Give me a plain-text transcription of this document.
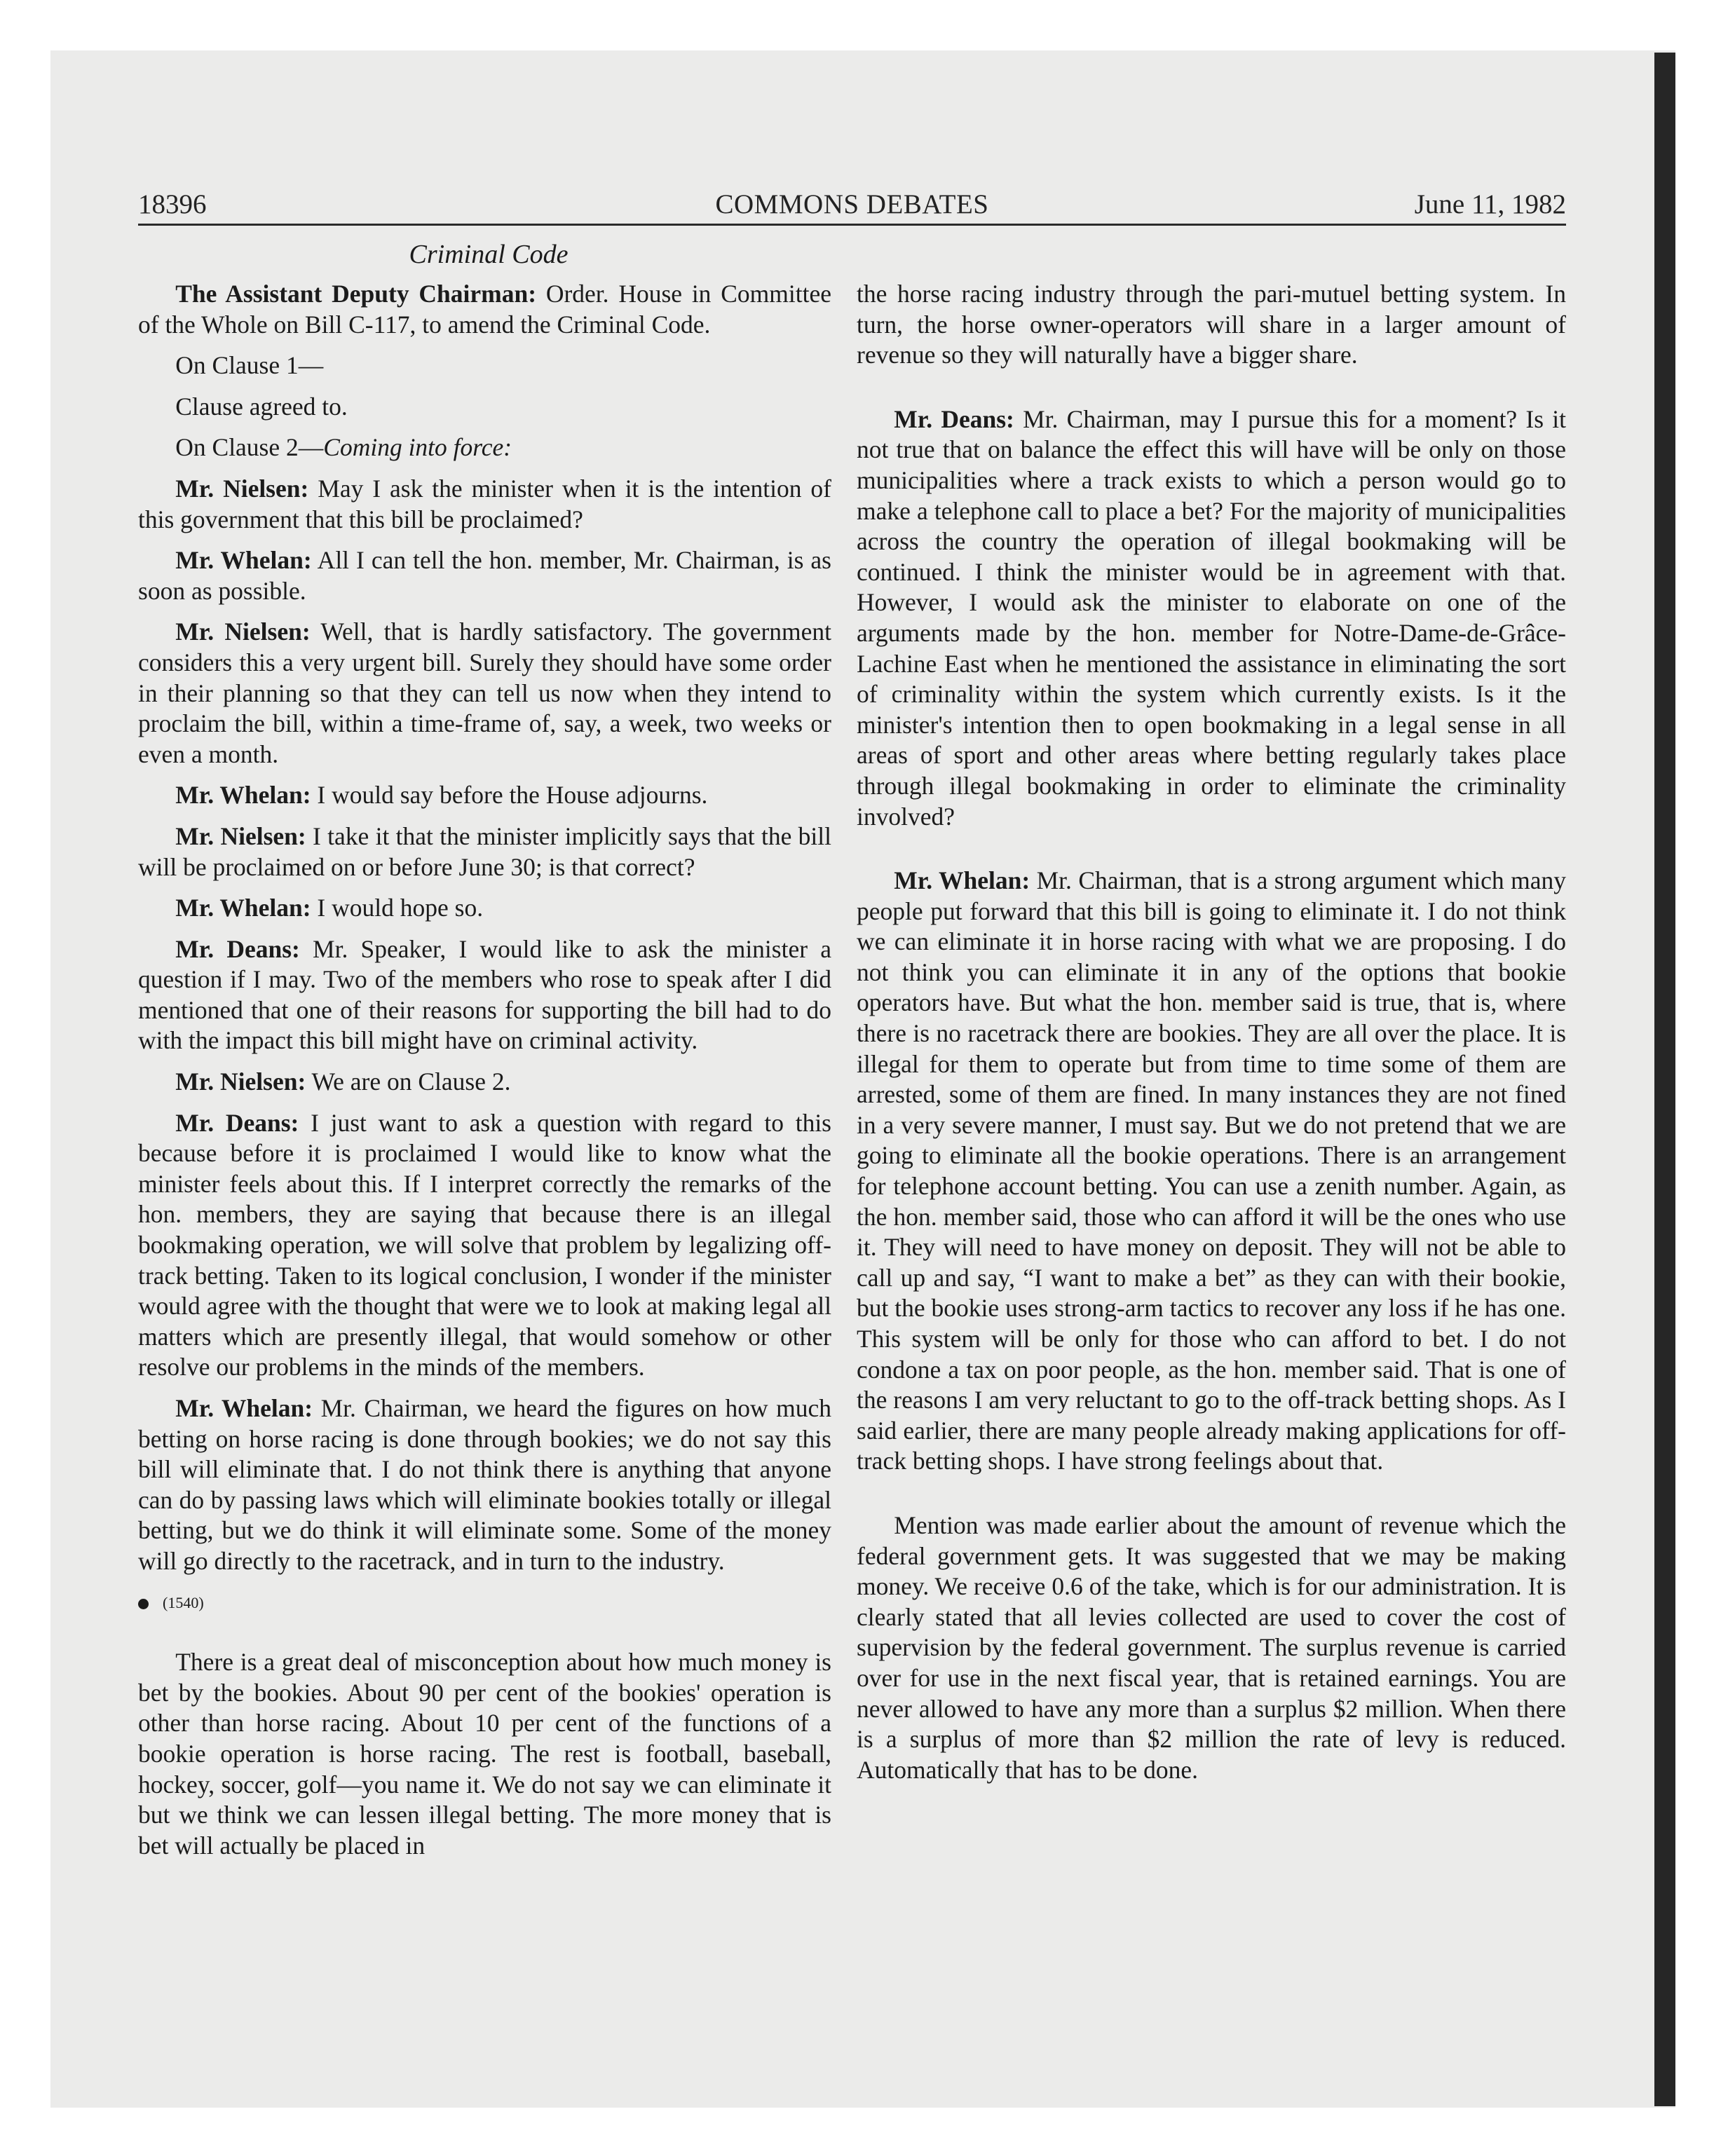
18396	COMMONS DEBATES	June 11, 1982
Criminal Code

The Assistant Deputy Chairman: Order. House in Committee of the Whole on Bill C-117, to amend the Criminal Code.

On Clause 1—

Clause agreed to.

On Clause 2—Coming into force:

Mr. Nielsen: May I ask the minister when it is the intention of this government that this bill be proclaimed?

Mr. Whelan: All I can tell the hon. member, Mr. Chairman, is as soon as possible.

Mr. Nielsen: Well, that is hardly satisfactory. The government considers this a very urgent bill. Surely they should have some order in their planning so that they can tell us now when they intend to proclaim the bill, within a time-frame of, say, a week, two weeks or even a month.

Mr. Whelan: I would say before the House adjourns.

Mr. Nielsen: I take it that the minister implicitly says that the bill will be proclaimed on or before June 30; is that correct?

Mr. Whelan: I would hope so.

Mr. Deans: Mr. Speaker, I would like to ask the minister a question if I may. Two of the members who rose to speak after I did mentioned that one of their reasons for supporting the bill had to do with the impact this bill might have on criminal activity.

Mr. Nielsen: We are on Clause 2.

Mr. Deans: I just want to ask a question with regard to this because before it is proclaimed I would like to know what the minister feels about this. If I interpret correctly the remarks of the hon. members, they are saying that because there is an illegal bookmaking operation, we will solve that problem by legalizing off-track betting. Taken to its logical conclusion, I wonder if the minister would agree with the thought that were we to look at making legal all matters which are presently illegal, that would somehow or other resolve our problems in the minds of the members.

Mr. Whelan: Mr. Chairman, we heard the figures on how much betting on horse racing is done through bookies; we do not say this bill will eliminate that. I do not think there is anything that anyone can do by passing laws which will eliminate bookies totally or illegal betting, but we do think it will eliminate some. Some of the money will go directly to the racetrack, and in turn to the industry.

(1540)

There is a great deal of misconception about how much money is bet by the bookies. About 90 per cent of the bookies' operation is other than horse racing. About 10 per cent of the functions of a bookie operation is horse racing. The rest is football, baseball, hockey, soccer, golf—you name it. We do not say we can eliminate it but we think we can lessen illegal betting. The more money that is bet will actually be placed in

the horse racing industry through the pari-mutuel betting system. In turn, the horse owner-operators will share in a larger amount of revenue so they will naturally have a bigger share.

Mr. Deans: Mr. Chairman, may I pursue this for a moment? Is it not true that on balance the effect this will have will be only on those municipalities where a track exists to which a person would go to make a telephone call to place a bet? For the majority of municipalities across the country the operation of illegal bookmaking will be continued. I think the minister would be in agreement with that. However, I would ask the minister to elaborate on one of the arguments made by the hon. member for Notre-Dame-de-Grâce-Lachine East when he mentioned the assistance in eliminating the sort of criminality within the system which currently exists. Is it the minister's intention then to open bookmaking in a legal sense in all areas of sport and other areas where betting regularly takes place through illegal bookmaking in order to eliminate the criminality involved?

Mr. Whelan: Mr. Chairman, that is a strong argument which many people put forward that this bill is going to eliminate it. I do not think we can eliminate it in horse racing with what we are proposing. I do not think you can eliminate it in any of the options that bookie operators have. But what the hon. member said is true, that is, where there is no racetrack there are bookies. They are all over the place. It is illegal for them to operate but from time to time some of them are arrested, some of them are fined. In many instances they are not fined in a very severe manner, I must say. But we do not pretend that we are going to eliminate all the bookie operations. There is an arrangement for telephone account betting. You can use a zenith number. Again, as the hon. member said, those who can afford it will be the ones who use it. They will need to have money on deposit. They will not be able to call up and say, “I want to make a bet” as they can with their bookie, but the bookie uses strong-arm tactics to recover any loss if he has one. This system will be only for those who can afford to bet. I do not condone a tax on poor people, as the hon. member said. That is one of the reasons I am very reluctant to go to the off-track betting shops. As I said earlier, there are many people already making applications for off-track betting shops. I have strong feelings about that.

Mention was made earlier about the amount of revenue which the federal government gets. It was suggested that we may be making money. We receive 0.6 of the take, which is for our administration. It is clearly stated that all levies collected are used to cover the cost of supervision by the federal government. The surplus revenue is carried over for use in the next fiscal year, that is retained earnings. You are never allowed to have any more than a surplus $2 million. When there is a surplus of more than $2 million the rate of levy is reduced. Automatically that has to be done.
